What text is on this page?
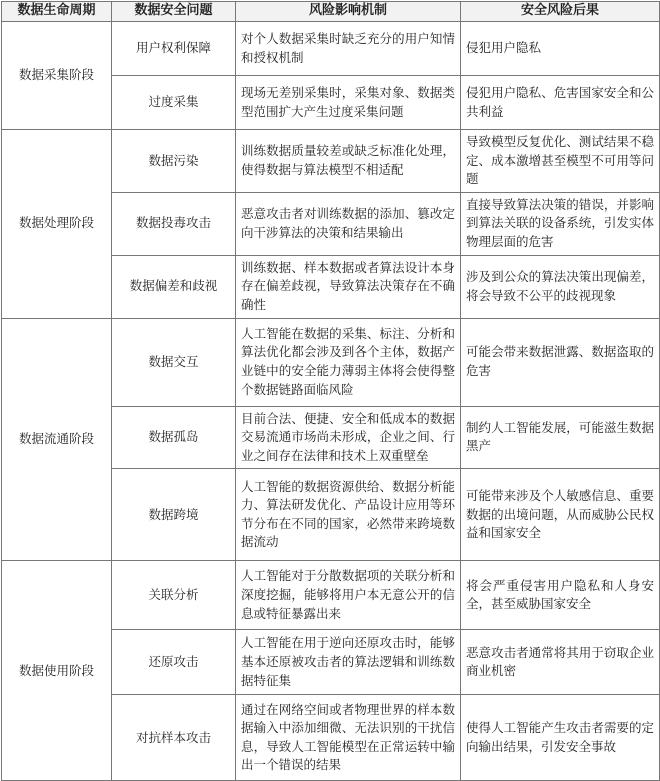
数据生命周期	数据安全问题	风险影响机制	安全风险后果
数据采集阶段	用户权利保障	对个人数据采集时缺乏充分的用户知情和授权机制	侵犯用户隐私
	过度采集	现场无差别采集时，采集对象、数据类型范围扩大产生过度采集问题	侵犯用户隐私、危害国家安全和公共利益
数据处理阶段	数据污染	训练数据质量较差或缺乏标准化处理，使得数据与算法模型不相适配	导致模型反复优化、测试结果不稳定、成本激增甚至模型不可用等问题
	数据投毒攻击	恶意攻击者对训练数据的添加、篡改定向干涉算法的决策和结果输出	直接导致算法决策的错误，并影响到算法关联的设备系统，引发实体物理层面的危害
	数据偏差和歧视	训练数据、样本数据或者算法设计本身存在偏差歧视，导致算法决策存在不确确性	涉及到公众的算法决策出现偏差，将会导致不公平的歧视现象
数据流通阶段	数据交互	人工智能在数据的采集、标注、分析和算法优化都会涉及到各个主体，数据产业链中的安全能力薄弱主体将会使得整个数据链路面临风险	可能会带来数据泄露、数据盗取的危害
	数据孤岛	目前合法、便捷、安全和低成本的数据交易流通市场尚未形成，企业之间、行业之间存在法律和技术上双重壁垒	制约人工智能发展，可能滋生数据黑产
	数据跨境	人工智能的数据资源供给、数据分析能力、算法研发优化、产品设计应用等环节分布在不同的国家，必然带来跨境数据流动	可能带来涉及个人敏感信息、重要数据的出境问题，从而威胁公民权益和国家安全
数据使用阶段	关联分析	人工智能对于分散数据项的关联分析和深度挖掘，能够将用户本无意公开的信息或特征暴露出来	将会严重侵害用户隐私和人身安全，甚至威胁国家安全
	还原攻击	人工智能在用于逆向还原攻击时，能够基本还原被攻击者的算法逻辑和训练数据特征集	恶意攻击者通常将其用于窃取企业商业机密
	对抗样本攻击	通过在网络空间或者物理世界的样本数据输入中添加细微、无法识别的干扰信息，导致人工智能模型在正常运转中输出一个错误的结果	使得人工智能产生攻击者需要的定向输出结果，引发安全事故
